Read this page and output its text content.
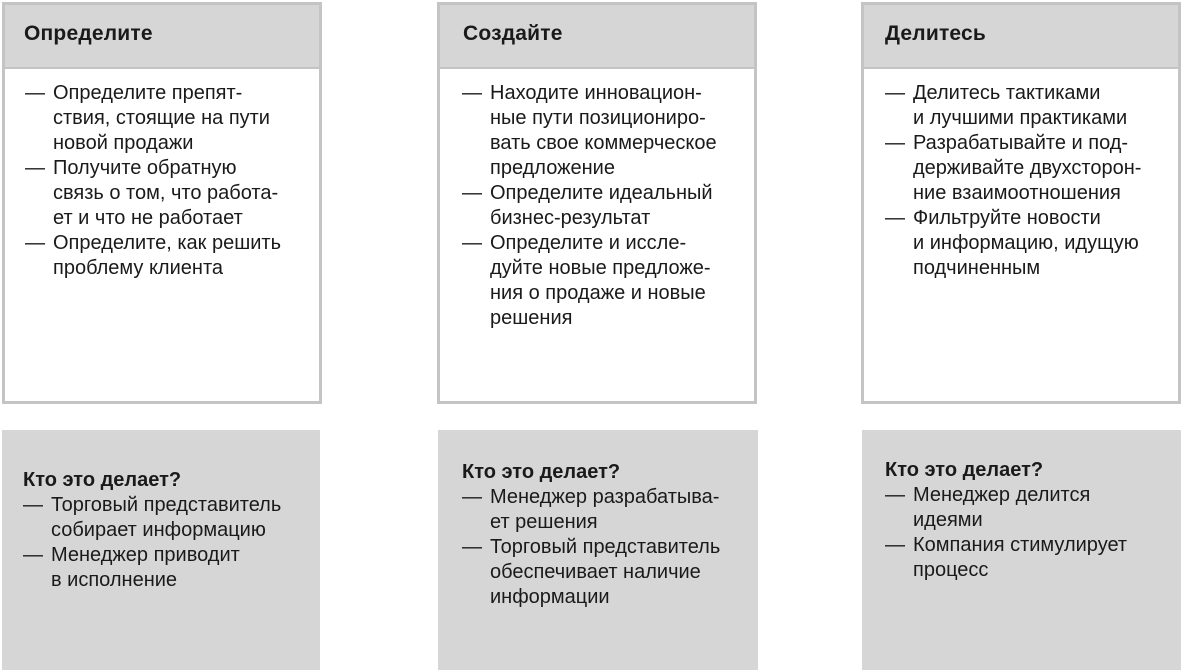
Определите
— Определите препят-
ствия, стоящие на пути
новой продажи
— Получите обратную
связь о том, что работа-
ет и что не работает
— Определите, как решить
проблему клиента
Кто это делает?
— Торговый представитель
собирает информацию
— Менеджер приводит
в исполнение
Создайте
— Находите инновацион-
ные пути позициониро-
вать свое коммерческое
предложение
— Определите идеальный
бизнес-результат
— Определите и иссле-
дуйте новые предложе-
ния о продаже и новые
решения
Кто это делает?
— Менеджер разрабатыва-
ет решения
— Торговый представитель
обеспечивает наличие
информации
Делитесь
— Делитесь тактиками
и лучшими практиками
— Разрабатывайте и под-
держивайте двухсторон-
ние взаимоотношения
— Фильтруйте новости
и информацию, идущую
подчиненным
Кто это делает?
— Менеджер делится
идеями
— Компания стимулирует
процесс
